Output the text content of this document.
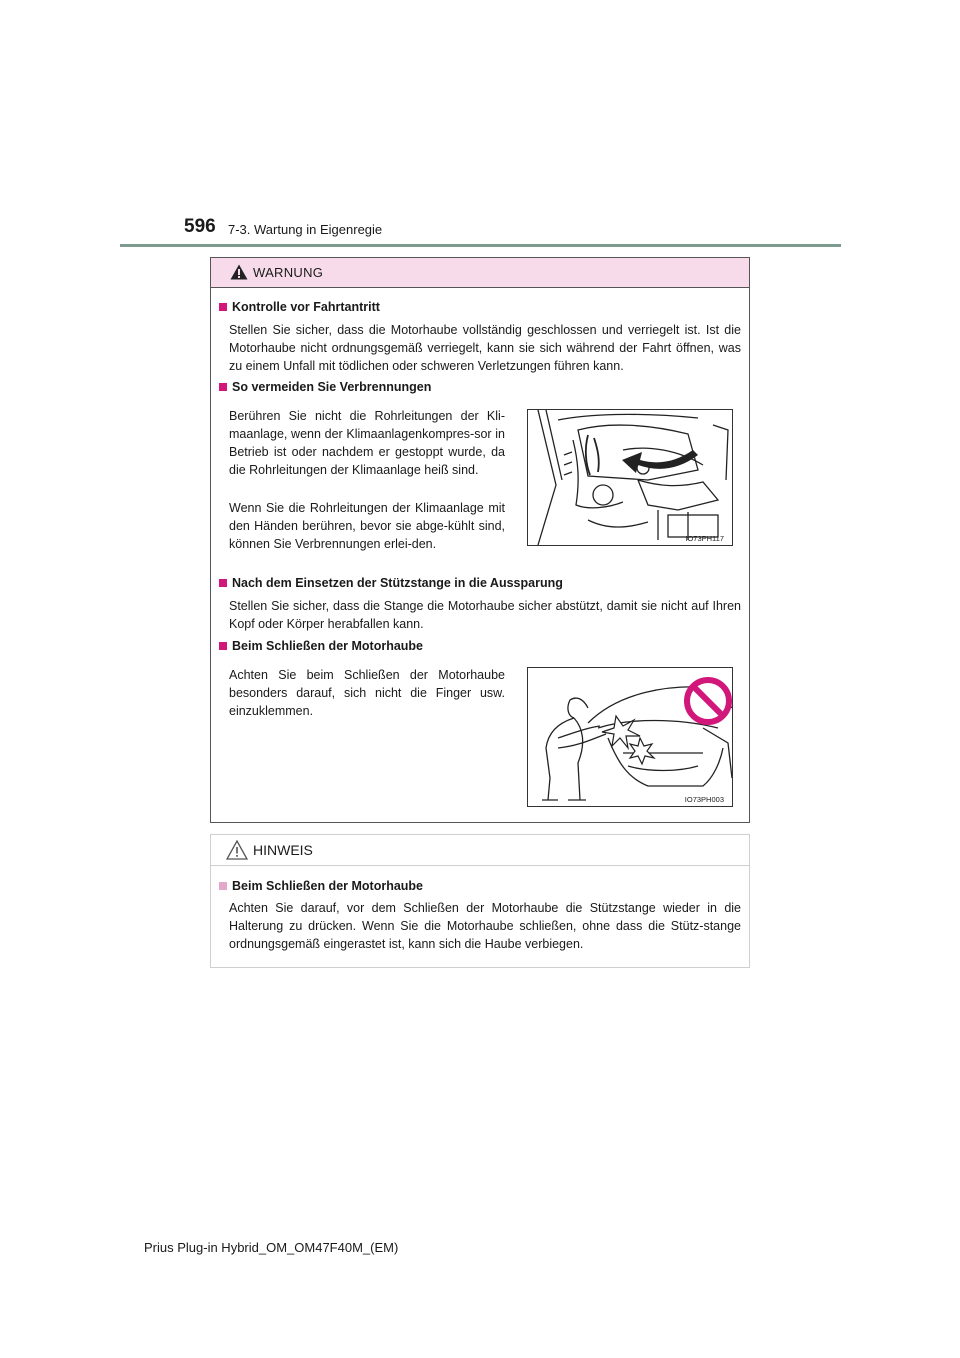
596 7-3. Wartung in Eigenregie
WARNUNG
Kontrolle vor Fahrtantritt
Stellen Sie sicher, dass die Motorhaube vollständig geschlossen und verriegelt ist. Ist die Motorhaube nicht ordnungsgemäß verriegelt, kann sie sich während der Fahrt öffnen, was zu einem Unfall mit tödlichen oder schweren Verletzungen führen kann.
So vermeiden Sie Verbrennungen
Berühren Sie nicht die Rohrleitungen der Kli-maanlage, wenn der Klimaanlagenkompres-sor in Betrieb ist oder nachdem er gestoppt wurde, da die Rohrleitungen der Klimaanlage heiß sind.
Wenn Sie die Rohrleitungen der Klimaanlage mit den Händen berühren, bevor sie abge-kühlt sind, können Sie Verbrennungen erlei-den.	IO73PH117
Nach dem Einsetzen der Stützstange in die Aussparung
Stellen Sie sicher, dass die Stange die Motorhaube sicher abstützt, damit sie nicht auf Ihren Kopf oder Körper herabfallen kann.
Beim Schließen der Motorhaube
Achten Sie beim Schließen der Motorhaube besonders darauf, sich nicht die Finger usw. einzuklemmen.
IO73PH003
HINWEIS
Beim Schließen der Motorhaube
Achten Sie darauf, vor dem Schließen der Motorhaube die Stützstange wieder in die Halterung zu drücken. Wenn Sie die Motorhaube schließen, ohne dass die Stütz-stange ordnungsgemäß eingerastet ist, kann sich die Haube verbiegen.
Prius Plug-in Hybrid_OM_OM47F40M_(EM)
